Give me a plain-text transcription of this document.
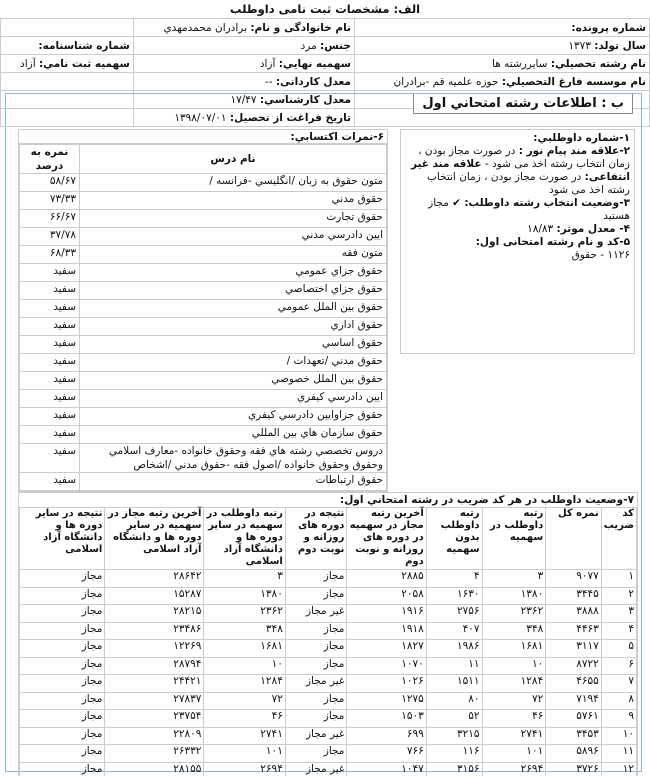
الف: مشخصات ثبت نامی داوطلب
شماره پرونده:	نام خانوادگی و نام: برادران محمدمهدي	
سال تولد: ۱۳۷۳	جنس: مرد	شماره شناسنامه:
نام رشته تحصیلي: سايررشته ها	سهميه نهايي: آزاد	سهميه ثبت نامي: آزاد
نام موسسه فارغ التحصيلي: حوزه علميه قم -برادران	معدل کاردانی: --	
	معدل کارشناسي: ۱۷/۴۷	
	تاريخ فراغت از تحصيل: ۱۳۹۸/۰۷/۰۱	
ب : اطلاعات رشته امتحاني اول
۱-شماره داوطلبي:
۲-علاقه مند پیام نور : در صورت مجاز بودن ، زمان انتخاب رشته اخذ می شود - علاقه مند غیر انتفاعی: در صورت مجاز بودن ، زمان انتخاب رشته اخذ می شود
۳-وضعیت انتخاب رشته داوطلب: ✔ مجاز هستيد
۴- معدل موثر: ۱۸/۸۳
۵-کد و نام رشته امتحانی اول:
۱۱۲۶ - حقوق
۶-نمرات اکتسابي:
نام درس	نمره به درصد
متون حقوق به زبان /انگليسي -فرانسه /	۵۸/۶۷
حقوق مدني	۷۳/۳۳
حقوق تجارت	۶۶/۶۷
ايين دادرسي مدني	۳۷/۷۸
متون فقه	۶۸/۳۳
حقوق جزاي عمومي	سفيد
حقوق جزاي اختصاصي	سفيد
حقوق بين الملل عمومي	سفيد
حقوق اداري	سفيد
حقوق اساسي	سفيد
حقوق مدني /تعهدات /	سفيد
حقوق بين الملل خصوصي	سفيد
ايين دادرسي کيفري	سفيد
حقوق جزاوايين دادرسي کيفري	سفيد
حقوق سازمان هاي بين المللي	سفيد
دروس تخصصي رشته هاي فقه وحقوق خانواده -معارف اسلامي وحقوق وحقوق خانواده /اصول فقه -حقوق مدني /اشخاص	سفيد
حقوق ارتباطات	سفيد
۷-وضعيت داوطلب در هر کد ضريب در رشته امتحاني اول:
کد ضریب	نمره کل	رتبه داوطلب در سهمیه	رتبه داوطلب بدون سهمیه	آخرین رتبه مجاز در سهمیه در دوره های روزانه و نوبت دوم	نتیجه در دوره های روزانه و نوبت دوم	رتبه داوطلب در سهمیه در سایر دوره ها و دانشگاه آزاد اسلامی	آخرین رتبه مجاز در سهمیه در سایر دوره ها و دانشگاه آزاد اسلامی	نتیجه در سایر دوره ها و دانشگاه آزاد اسلامی
۱	۹۰۷۷	۳	۴	۲۸۸۵	مجاز	۳	۲۸۶۴۲	مجاز
۲	۳۴۴۵	۱۳۸۰	۱۶۳۰	۲۰۵۸	مجاز	۱۳۸۰	۱۵۲۸۷	مجاز
۳	۳۸۸۸	۲۳۶۲	۲۷۵۶	۱۹۱۶	غير مجاز	۲۳۶۲	۲۸۲۱۵	مجاز
۴	۴۴۶۳	۳۴۸	۴۰۷	۱۹۱۸	مجاز	۳۴۸	۲۳۴۸۶	مجاز
۵	۳۱۱۷	۱۶۸۱	۱۹۸۶	۱۸۲۷	مجاز	۱۶۸۱	۱۲۲۶۹	مجاز
۶	۸۷۲۲	۱۰	۱۱	۱۰۷۰	مجاز	۱۰	۲۸۷۹۴	مجاز
۷	۴۶۵۵	۱۲۸۴	۱۵۱۱	۱۰۲۶	غير مجاز	۱۲۸۴	۲۴۴۲۱	مجاز
۸	۷۱۹۴	۷۲	۸۰	۱۲۷۵	مجاز	۷۲	۲۷۸۳۷	مجاز
۹	۵۷۶۱	۴۶	۵۲	۱۵۰۳	مجاز	۴۶	۲۳۷۵۴	مجاز
۱۰	۳۴۵۳	۲۷۴۱	۳۲۱۵	۶۹۹	غير مجاز	۲۷۴۱	۲۲۸۰۹	مجاز
۱۱	۵۸۹۶	۱۰۱	۱۱۶	۷۶۶	مجاز	۱۰۱	۲۶۳۳۲	مجاز
۱۲	۳۷۲۶	۲۶۹۴	۳۱۵۶	۱۰۴۷	غير مجاز	۲۶۹۴	۲۸۱۵۵	مجاز
